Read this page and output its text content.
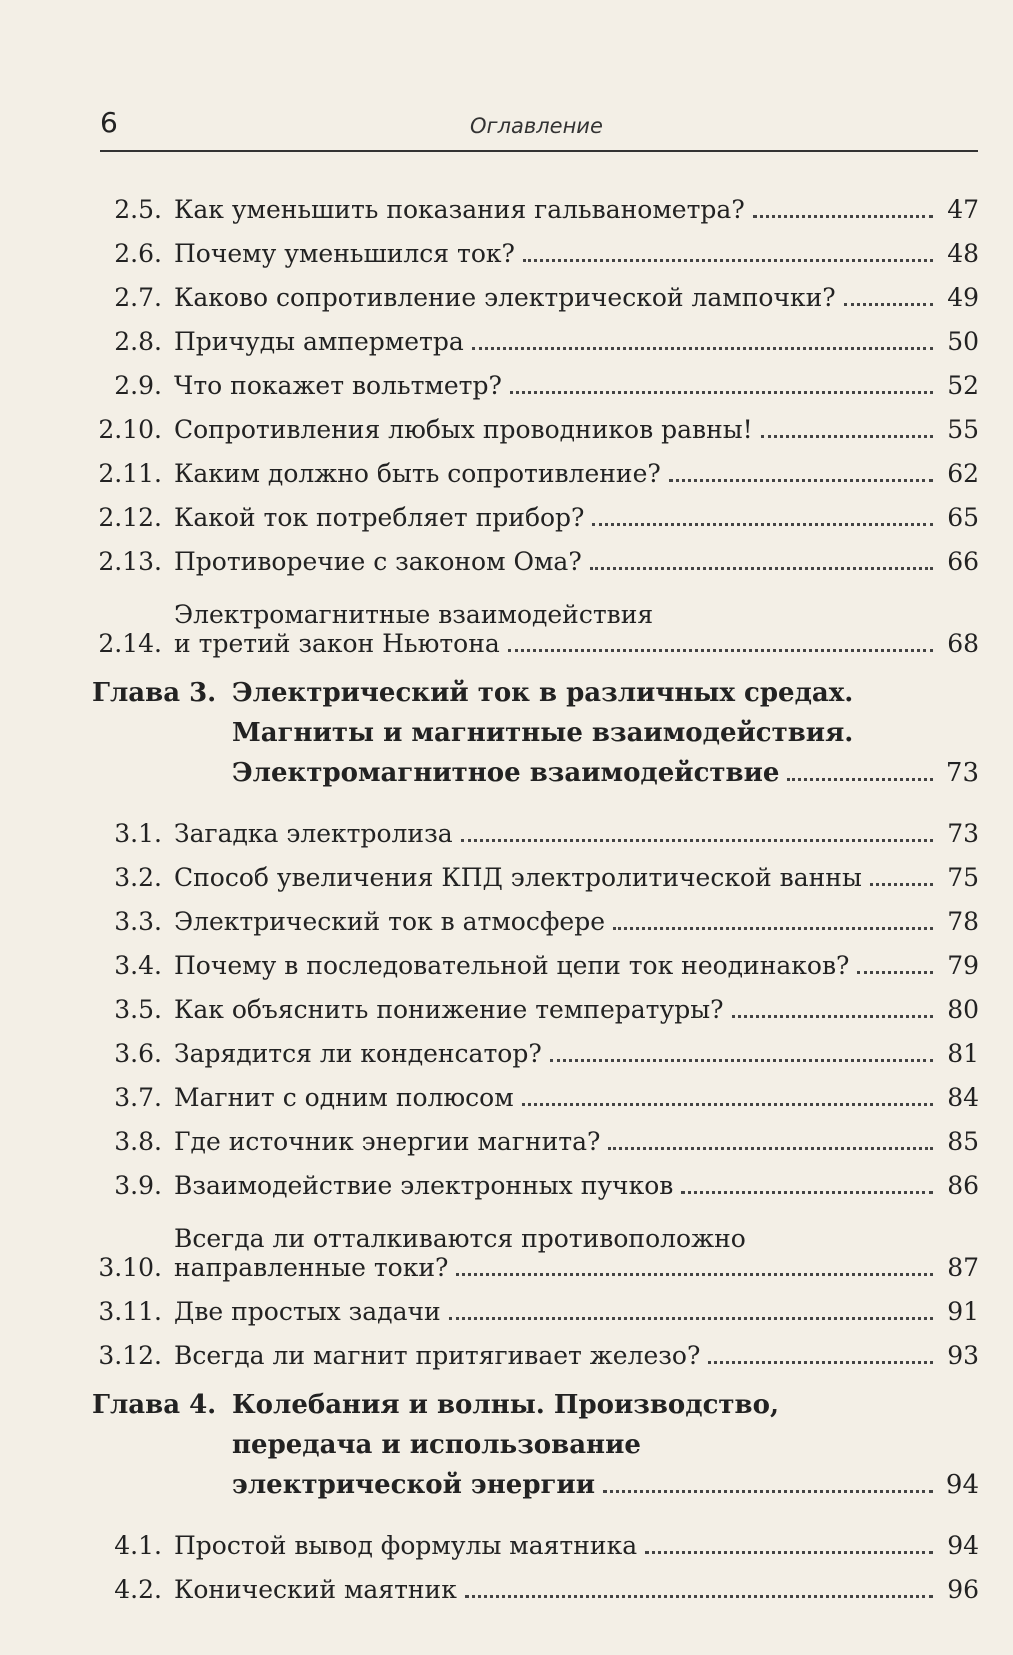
6	Оглавление
2.5. Как уменьшить показания гальванометра?	47
2.6. Почему уменьшился ток?	48
2.7. Каково сопротивление электрической лампочки?	49
2.8. Причуды амперметра	50
2.9. Что покажет вольтметр?	52
2.10. Сопротивления любых проводников равны!	55
2.11. Каким должно быть сопротивление?	62
2.12. Какой ток потребляет прибор?	65
2.13. Противоречие с законом Ома?	66
2.14.
Электромагнитные взаимодействия
и третий закон Ньютона	68
Глава 3. Электрический ток в различных средах.
Магниты и магнитные взаимодействия.
Электромагнитное взаимодействие	73
3.1. Загадка электролиза	73
3.2. Способ увеличения КПД электролитической ванны	75
3.3. Электрический ток в атмосфере	78
3.4. Почему в последовательной цепи ток неодинаков?	79
3.5. Как объяснить понижение температуры?	80
3.6. Зарядится ли конденсатор?	81
3.7. Магнит с одним полюсом	84
3.8. Где источник энергии магнита?	85
3.9. Взаимодействие электронных пучков	86
3.10.
Всегда ли отталкиваются противоположно
направленные токи?	87
3.11. Две простых задачи	91
3.12. Всегда ли магнит притягивает железо?	93
Глава 4. Колебания и волны. Производство,
передача и использование
электрической энергии	94
4.1. Простой вывод формулы маятника	94
4.2. Конический маятник	96
